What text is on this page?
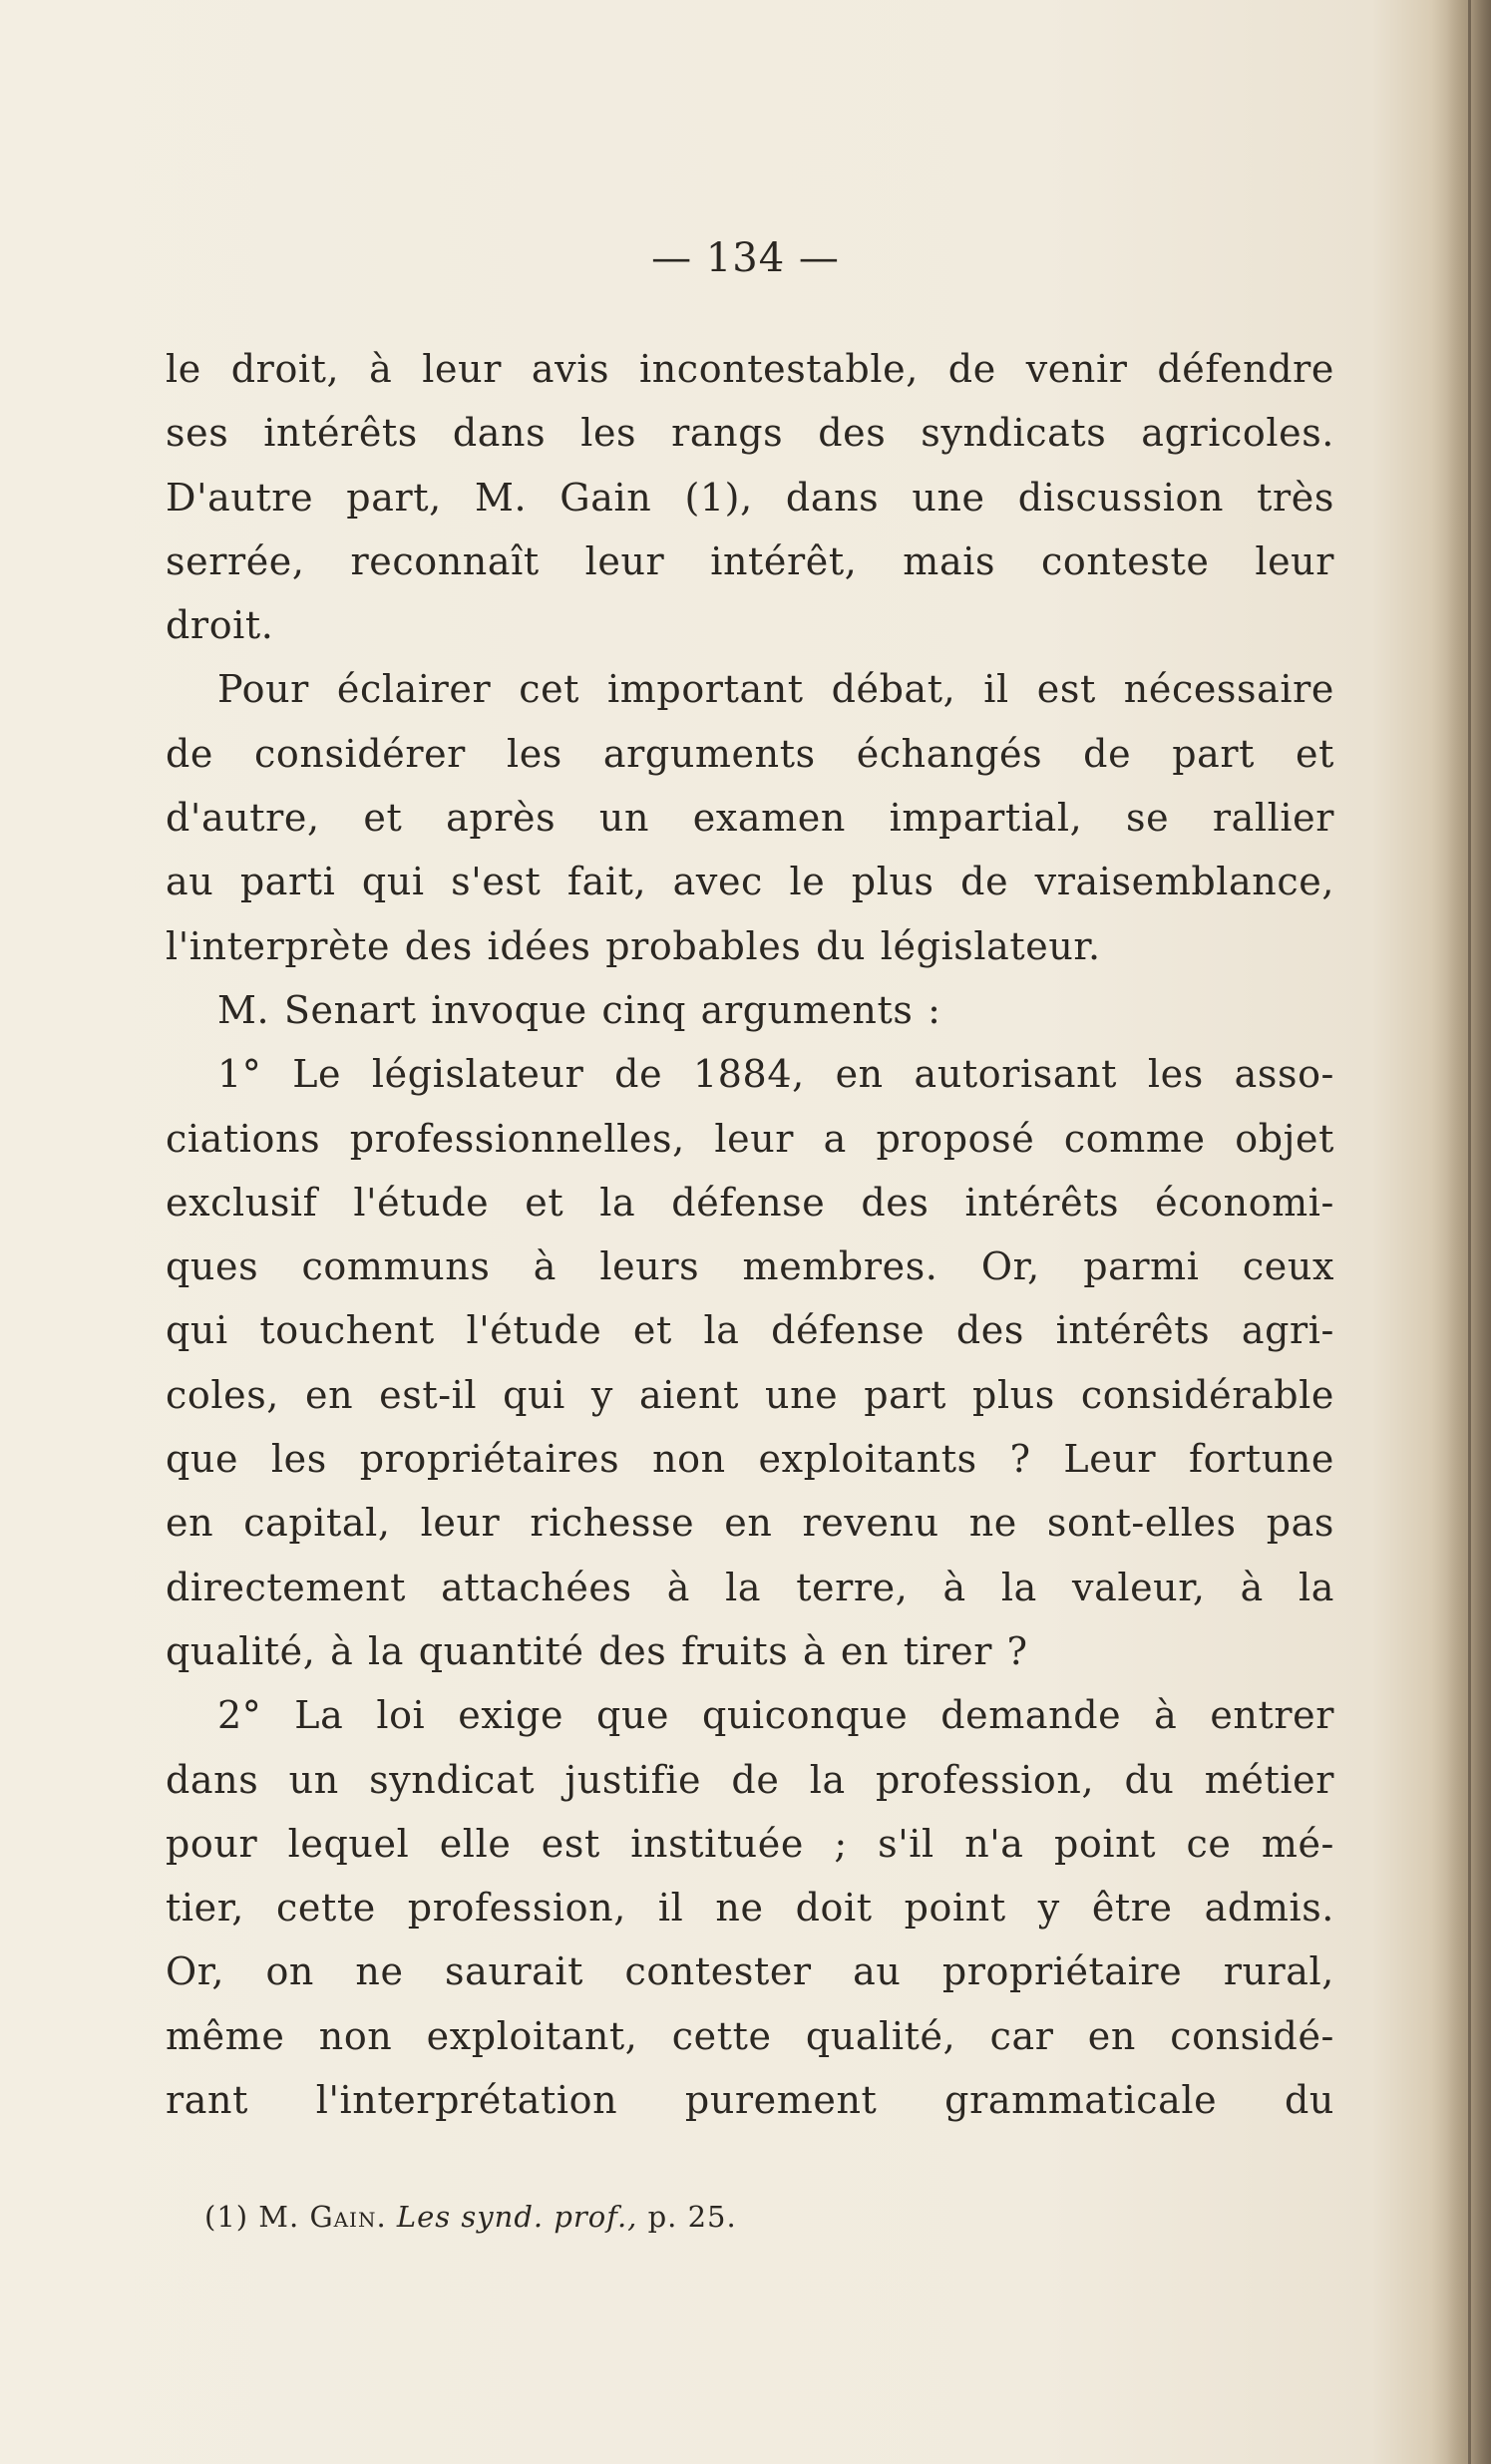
— 134 —
le droit, à leur avis incontestable, de venir défendre
ses intérêts dans les rangs des syndicats agricoles.
D'autre part, M. Gain (1), dans une discussion très
serrée, reconnaît leur intérêt, mais conteste leur
droit.
Pour éclairer cet important débat, il est nécessaire
de considérer les arguments échangés de part et
d'autre, et après un examen impartial, se rallier
au parti qui s'est fait, avec le plus de vraisemblance,
l'interprète des idées probables du législateur.
M. Senart invoque cinq arguments :
1° Le législateur de 1884, en autorisant les asso-
ciations professionnelles, leur a proposé comme objet
exclusif l'étude et la défense des intérêts économi-
ques communs à leurs membres. Or, parmi ceux
qui touchent l'étude et la défense des intérêts agri-
coles, en est-il qui y aient une part plus considérable
que les propriétaires non exploitants ? Leur fortune
en capital, leur richesse en revenu ne sont-elles pas
directement attachées à la terre, à la valeur, à la
qualité, à la quantité des fruits à en tirer ?
2° La loi exige que quiconque demande à entrer
dans un syndicat justifie de la profession, du métier
pour lequel elle est instituée ; s'il n'a point ce mé-
tier, cette profession, il ne doit point y être admis.
Or, on ne saurait contester au propriétaire rural,
même non exploitant, cette qualité, car en considé-
rant l'interprétation purement grammaticale du
(1) M. Gain. Les synd. prof., p. 25.
